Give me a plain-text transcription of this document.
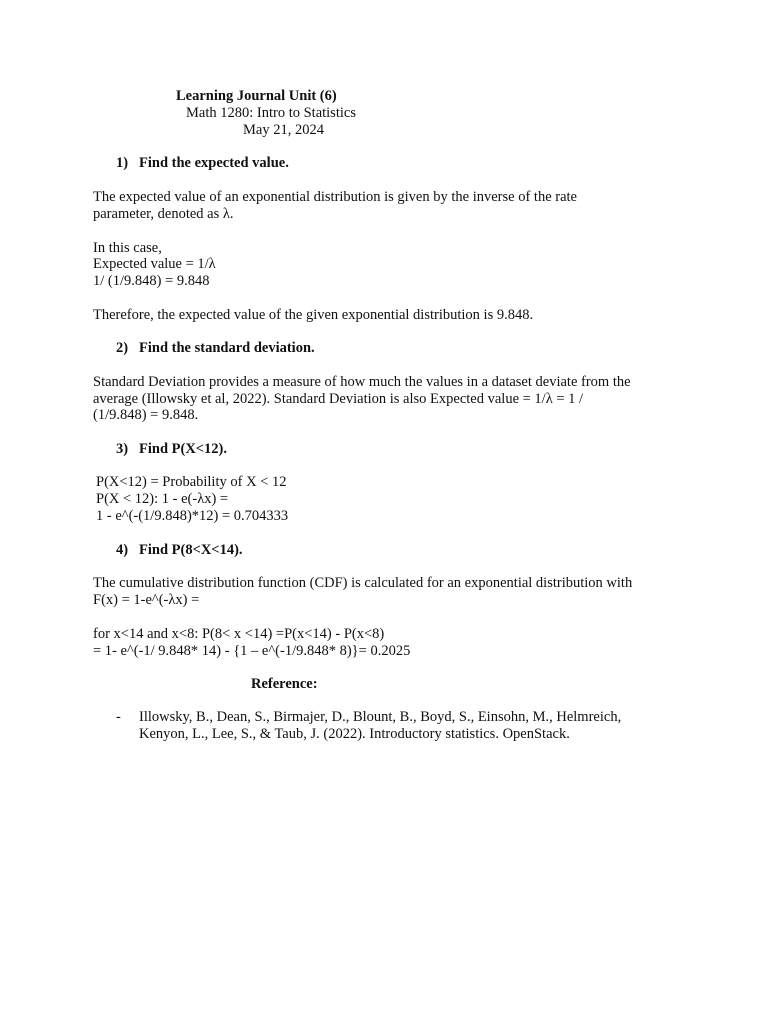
Learning Journal Unit (6)
Math 1280: Intro to Statistics
May 21, 2024
1) Find the expected value.
The expected value of an exponential distribution is given by the inverse of the rate
parameter, denoted as λ.
In this case,
Expected value = 1/λ
1/ (1/9.848) = 9.848
Therefore, the expected value of the given exponential distribution is 9.848.
2) Find the standard deviation.
Standard Deviation provides a measure of how much the values in a dataset deviate from the
average (Illowsky et al, 2022). Standard Deviation is also Expected value = 1/λ = 1 /
(1/9.848) = 9.848.
3) Find P(X<12).
P(X<12) = Probability of X < 12
P(X < 12): 1 - e(-λx) =
1 - e^(-(1/9.848)*12) = 0.704333
4) Find P(8<X<14).
The cumulative distribution function (CDF) is calculated for an exponential distribution with
F(x) = 1-e^(-λx) =
for x<14 and x<8: P(8< x <14) =P(x<14) - P(x<8)
= 1- e^(-1/ 9.848* 14) - {1 – e^(-1/9.848* 8)}= 0.2025
Reference:
- Illowsky, B., Dean, S., Birmajer, D., Blount, B., Boyd, S., Einsohn, M., Helmreich,
Kenyon, L., Lee, S., & Taub, J. (2022). Introductory statistics. OpenStack.
